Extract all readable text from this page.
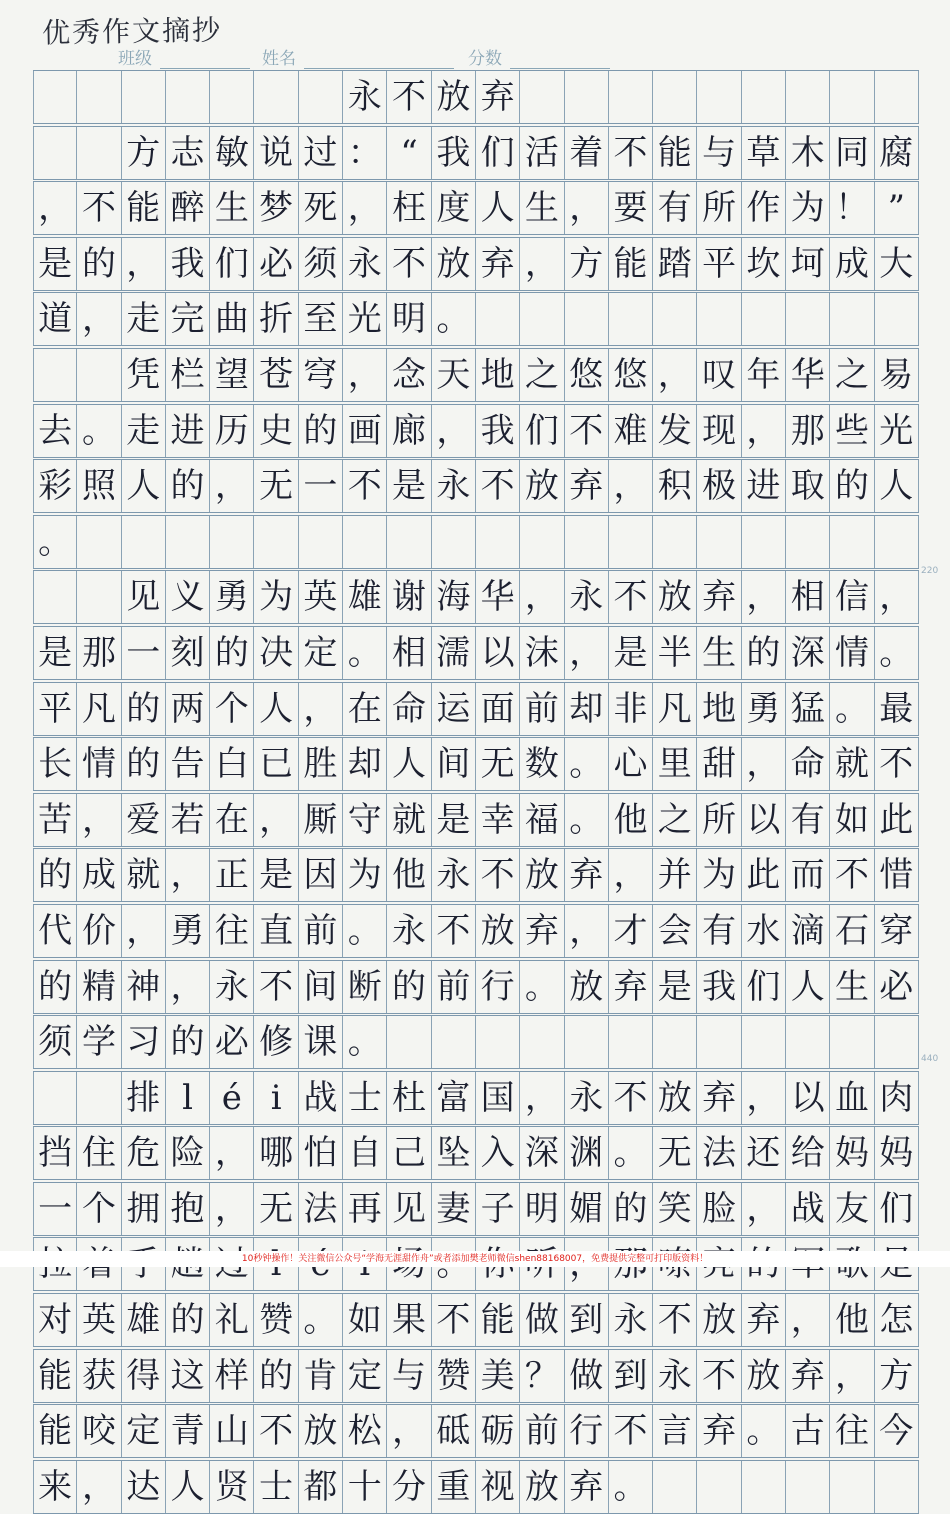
优秀作文摘抄
班级	姓名	分数
永 不 放 弃
方 志 敏 说 过 ： “ 我 们 活 着 不 能 与 草 木 同 腐
， 不 能 醉 生 梦 死 ， 枉 度 人 生 ， 要 有 所 作 为 ！ ”
是 的 ， 我 们 必 须 永 不 放 弃 ， 方 能 踏 平 坎 坷 成 大
道 ， 走 完 曲 折 至 光 明 。
凭 栏 望 苍 穹 ， 念 天 地 之 悠 悠 ， 叹 年 华 之 易
去 。 走 进 历 史 的 画 廊 ， 我 们 不 难 发 现 ， 那 些 光
彩 照 人 的 ， 无 一 不 是 永 不 放 弃 ， 积 极 进 取 的 人
。
见 义 勇 为 英 雄 谢 海 华 ， 永 不 放 弃 ， 相 信 ，
是 那 一 刻 的 决 定 。 相 濡 以 沫 ， 是 半 生 的 深 情 。
平 凡 的 两 个 人 ， 在 命 运 面 前 却 非 凡 地 勇 猛 。 最
长 情 的 告 白 已 胜 却 人 间 无 数 。 心 里 甜 ， 命 就 不
苦 ， 爱 若 在 ， 厮 守 就 是 幸 福 。 他 之 所 以 有 如 此
的 成 就 ， 正 是 因 为 他 永 不 放 弃 ， 并 为 此 而 不 惜
代 价 ， 勇 往 直 前 。 永 不 放 弃 ， 才 会 有 水 滴 石 穿
的 精 神 ， 永 不 间 断 的 前 行 。 放 弃 是 我 们 人 生 必
须 学 习 的 必 修 课 。
排 l é i 战 士 杜 富 国 ， 永 不 放 弃 ， 以 血 肉
挡 住 危 险 ， 哪 怕 自 己 坠 入 深 渊 。 无 法 还 给 妈 妈
一 个 拥 抱 ， 无 法 再 见 妻 子 明 媚 的 笑 脸 ， 战 友 们
对 英 雄 的 礼 赞 。 如 果 不 能 做 到 永 不 放 弃 ， 他 怎
能 获 得 这 样 的 肯 定 与 赞 美 ？ 做 到 永 不 放 弃 ， 方
能 咬 定 青 山 不 放 松 ， 砥 砺 前 行 不 言 弃 。 古 往 今
来 ， 达 人 贤 士 都 十 分 重 视 放 弃 。
220
440
10秒钟操作！关注微信公众号“学海无涯甜作舟”或者添加樊老师微信shen88168007，免费提供完整可打印版资料！
